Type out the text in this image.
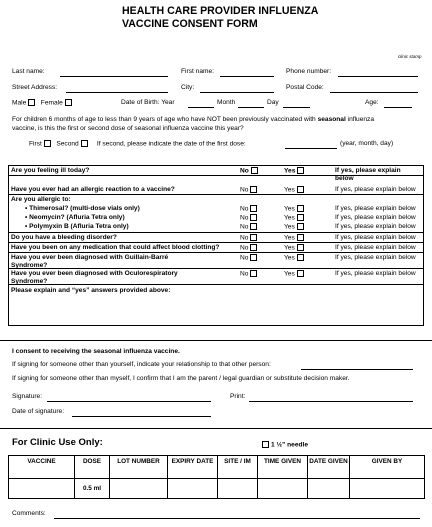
HEALTH CARE PROVIDER INFLUENZA
VACCINE CONSENT FORM
clinic stamp
Last name:	First name:	Phone number:
Street Address:	City:	Postal Code:
Male Female	Date of Birth: Year	Month	Day	Age:
For children 6 months of age to less than 9 years of age who have NOT been previously vaccinated with seasonal influenza
vaccine, is this the first or second dose of seasonal influenza vaccine this year?
First Second	If second, please indicate the date of the first dose:	(year, month, day)
Are you feeling ill today?	No	Yes	If yes, please explain below
Have you ever had an allergic reaction to a vaccine?	No	Yes	If yes, please explain below
Are you allergic to:
• Thimerosal? (multi-dose vials only)	No	Yes	If yes, please explain below
• Neomycin? (Afluria Tetra only)	No	Yes	If yes, please explain below
• Polymyxin B (Afluria Tetra only)	No	Yes	If yes, please explain below
Do you have a bleeding disorder?	No	Yes	If yes, please explain below
Have you been on any medication that could affect blood clotting?	No	Yes	If yes, please explain below
Have you ever been diagnosed with Guillain-Barré
Syndrome?
No	Yes	If yes, please explain below
Have you ever been diagnosed with Oculorespiratory
Syndrome?
No	Yes	If yes, please explain below
Please explain and “yes” answers provided above:
I consent to receiving the seasonal influenza vaccine.
If signing for someone other than yourself, indicate your relationship to that other person:
If signing for someone other than myself, I confirm that I am the parent / legal guardian or substitute decision maker.
Signature:	Print:
Date of signature:
For Clinic Use Only:	1 ½” needle
VACCINE	DOSE	LOT NUMBER	EXPIRY DATE	SITE / IM	TIME GIVEN	DATE GIVEN	GIVEN BY
	0.5 ml						
Comments:
